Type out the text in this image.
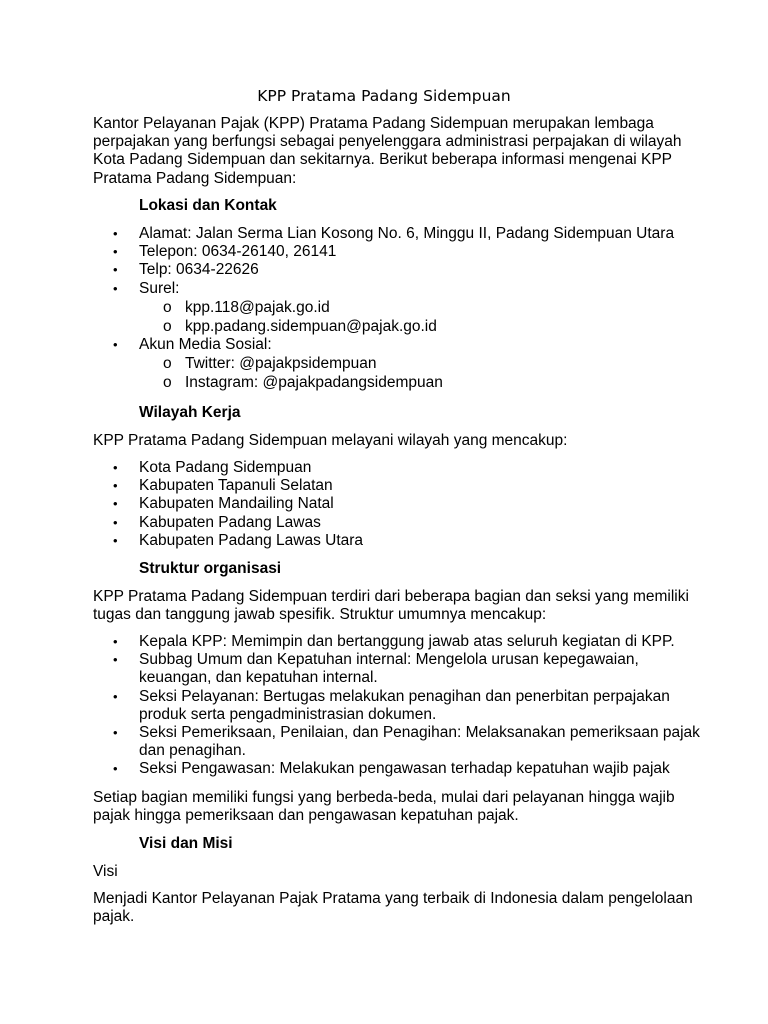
KPP Pratama Padang Sidempuan
Kantor Pelayanan Pajak (KPP) Pratama Padang Sidempuan merupakan lembaga perpajakan yang berfungsi sebagai penyelenggara administrasi perpajakan di wilayah Kota Padang Sidempuan dan sekitarnya. Berikut beberapa informasi mengenai KPP Pratama Padang Sidempuan:
Lokasi dan Kontak
• Alamat: Jalan Serma Lian Kosong No. 6, Minggu II, Padang Sidempuan Utara
• Telepon: 0634-26140, 26141
• Telp: 0634-22626
• Surel:
o kpp.118@pajak.go.id
o kpp.padang.sidempuan@pajak.go.id
• Akun Media Sosial:
o Twitter: @pajakpsidempuan
o Instagram: @pajakpadangsidempuan
Wilayah Kerja
KPP Pratama Padang Sidempuan melayani wilayah yang mencakup:
• Kota Padang Sidempuan
• Kabupaten Tapanuli Selatan
• Kabupaten Mandailing Natal
• Kabupaten Padang Lawas
• Kabupaten Padang Lawas Utara
Struktur organisasi
KPP Pratama Padang Sidempuan terdiri dari beberapa bagian dan seksi yang memiliki tugas dan tanggung jawab spesifik. Struktur umumnya mencakup:
• Kepala KPP: Memimpin dan bertanggung jawab atas seluruh kegiatan di KPP.
• Subbag Umum dan Kepatuhan internal: Mengelola urusan kepegawaian, keuangan, dan kepatuhan internal.
• Seksi Pelayanan: Bertugas melakukan penagihan dan penerbitan perpajakan produk serta pengadministrasian dokumen.
• Seksi Pemeriksaan, Penilaian, dan Penagihan: Melaksanakan pemeriksaan pajak dan penagihan.
• Seksi Pengawasan: Melakukan pengawasan terhadap kepatuhan wajib pajak
Setiap bagian memiliki fungsi yang berbeda-beda, mulai dari pelayanan hingga wajib pajak hingga pemeriksaan dan pengawasan kepatuhan pajak.
Visi dan Misi
Visi
Menjadi Kantor Pelayanan Pajak Pratama yang terbaik di Indonesia dalam pengelolaan pajak.
